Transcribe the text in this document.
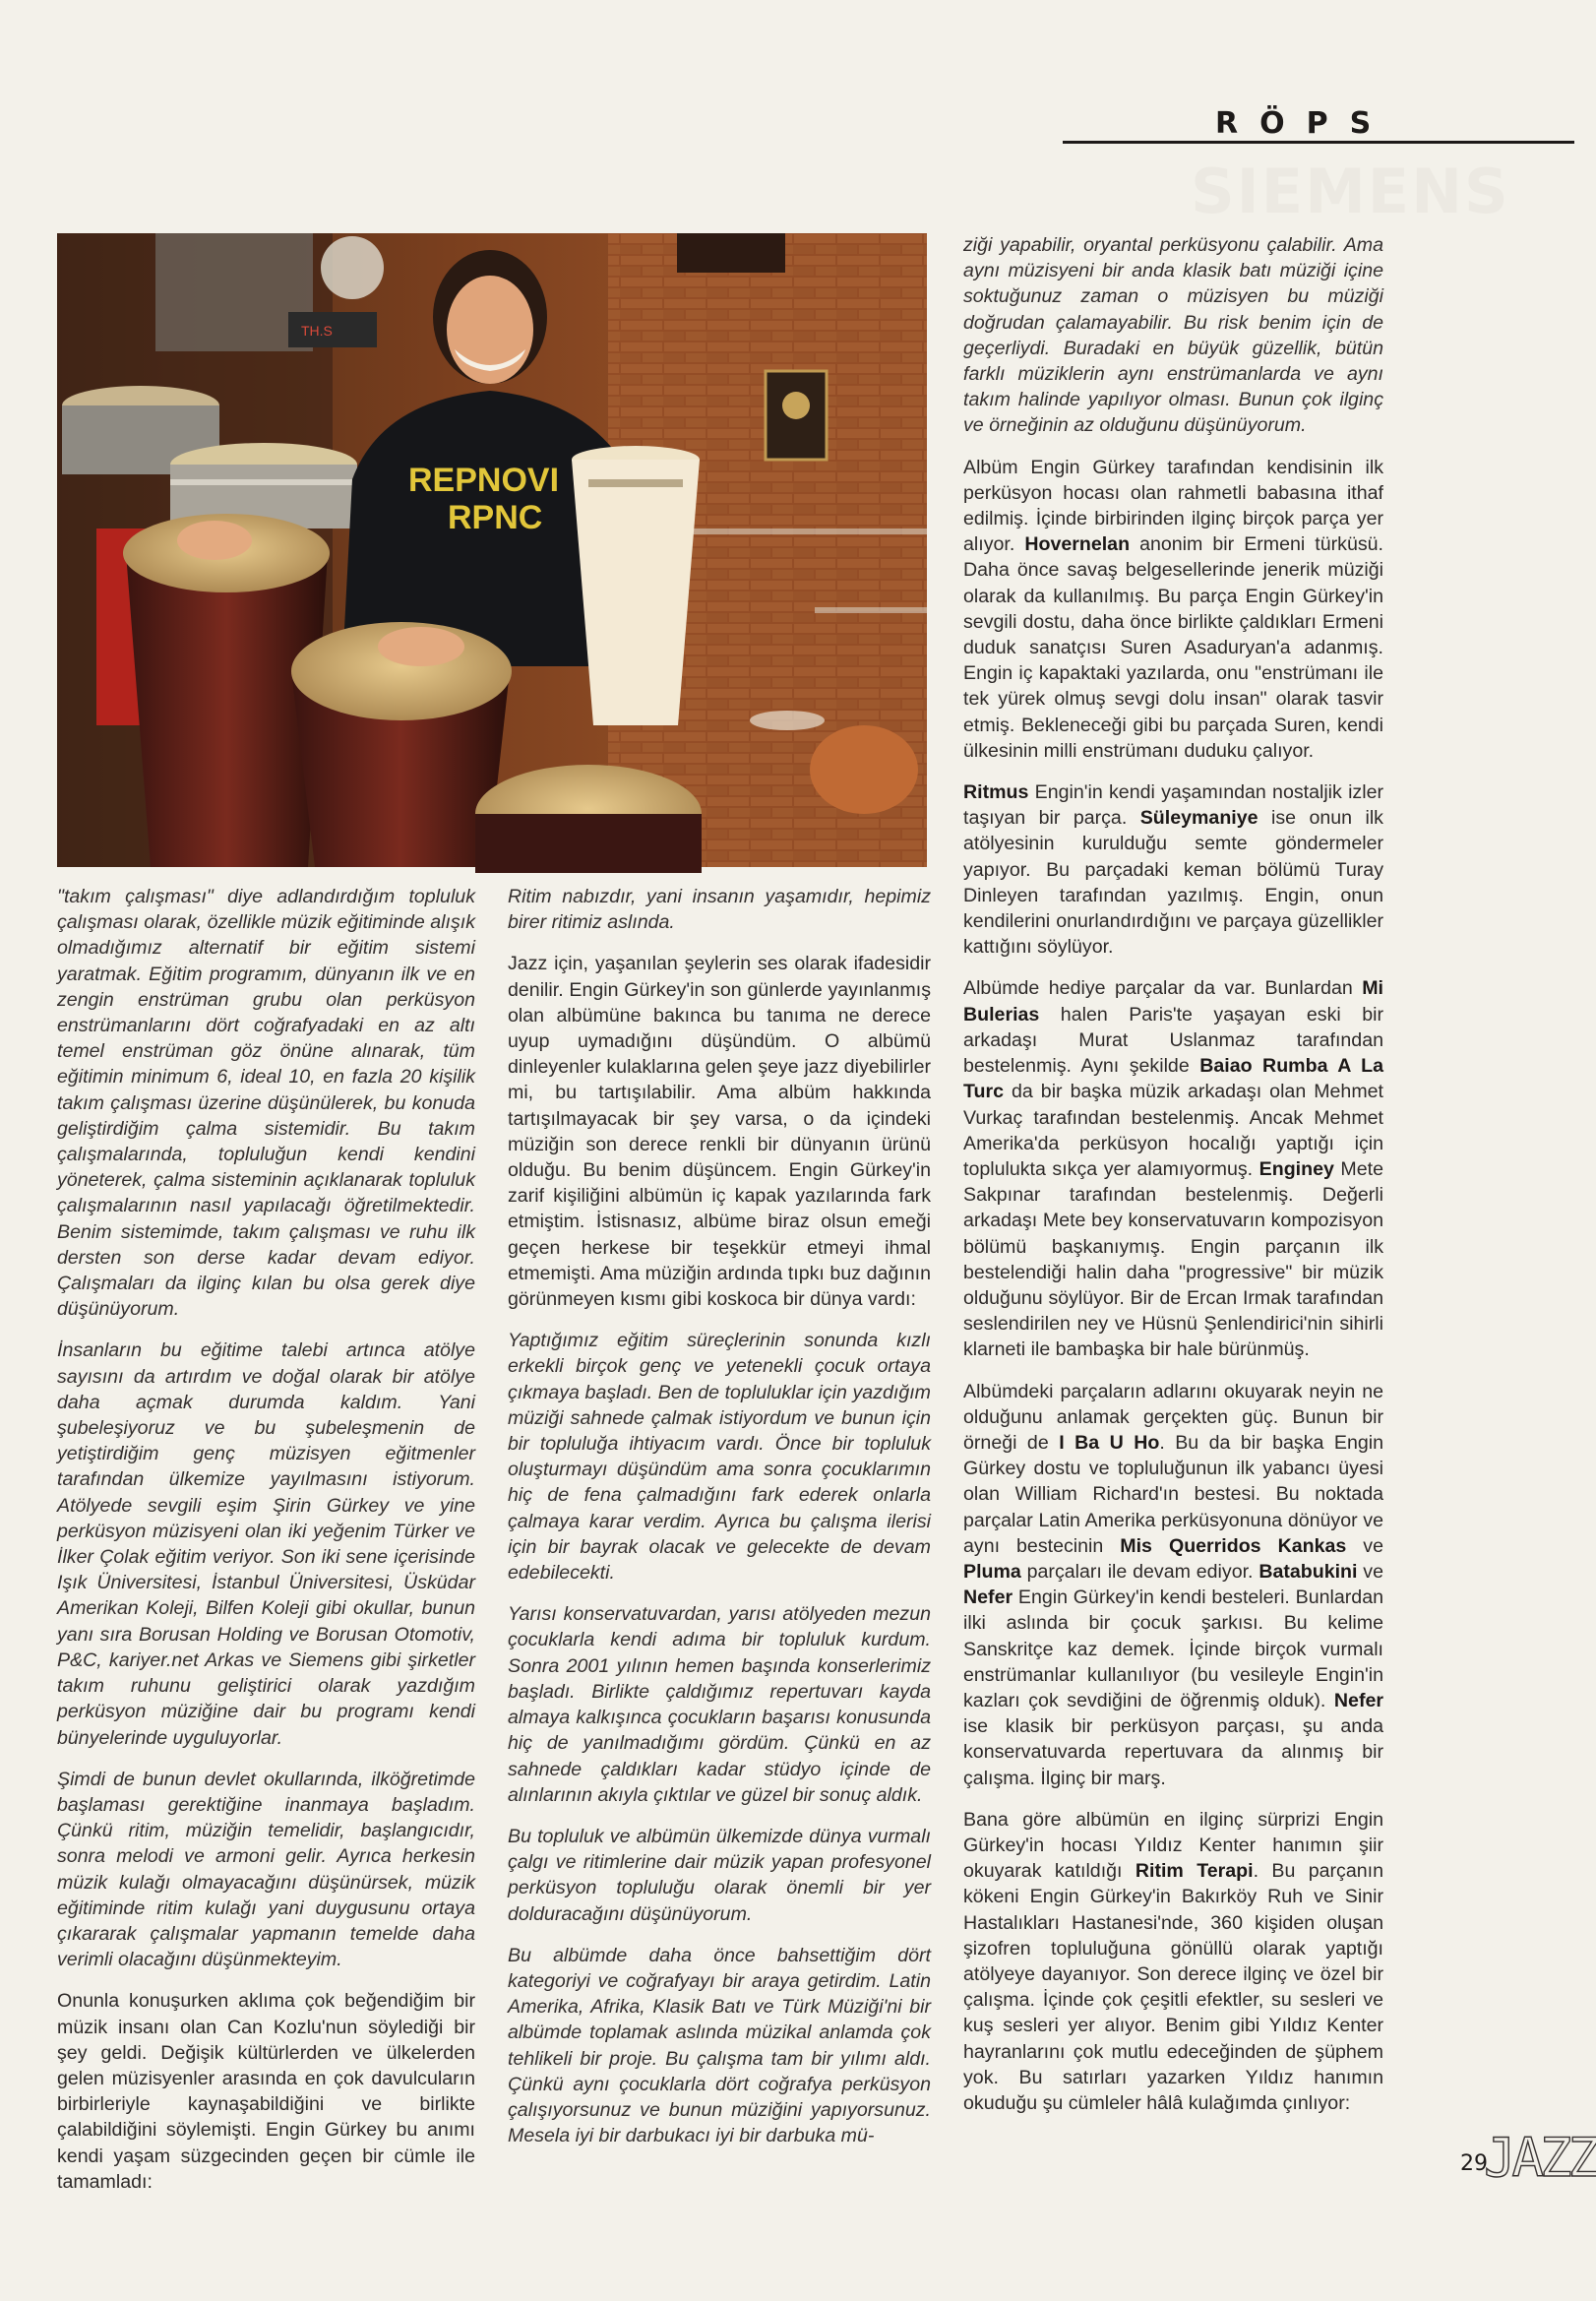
RÖPS
SIEMENS
TH.S
REPNOVI
RPNC

"takım çalışması" diye adlandırdığım topluluk çalışması olarak, özellikle müzik eğitiminde alışık olmadığımız alternatif bir eğitim sistemi yaratmak. Eğitim programım, dünyanın ilk ve en zengin enstrüman grubu olan perküsyon enstrümanlarını dört coğrafyadaki en az altı temel enstrüman göz önüne alınarak, tüm eğitimin minimum 6, ideal 10, en fazla 20 kişilik takım çalışması üzerine düşünülerek, bu konuda geliştirdiğim çalma sistemidir. Bu takım çalışmalarında, topluluğun kendi kendini yöneterek, çalma sisteminin açıklanarak topluluk çalışmalarının nasıl yapılacağı öğretilmektedir. Benim sistemimde, takım çalışması ve ruhu ilk dersten son derse kadar devam ediyor. Çalışmaları da ilginç kılan bu olsa gerek diye düşünüyorum.

İnsanların bu eğitime talebi artınca atölye sayısını da artırdım ve doğal olarak bir atölye daha açmak durumda kaldım. Yani şubeleşiyoruz ve bu şubeleşmenin de yetiştirdiğim genç müzisyen eğitmenler tarafından ülkemize yayılmasını istiyorum. Atölyede sevgili eşim Şirin Gürkey ve yine perküsyon müzisyeni olan iki yeğenim Türker ve İlker Çolak eğitim veriyor. Son iki sene içerisinde Işık Üniversitesi, İstanbul Üniversitesi, Üsküdar Amerikan Koleji, Bilfen Koleji gibi okullar, bunun yanı sıra Borusan Holding ve Borusan Otomotiv, P&C, kariyer.net Arkas ve Siemens gibi şirketler takım ruhunu geliştirici olarak yazdığım perküsyon müziğine dair bu programı kendi bünyelerinde uyguluyorlar.

Şimdi de bunun devlet okullarında, ilköğretimde başlaması gerektiğine inanmaya başladım. Çünkü ritim, müziğin temelidir, başlangıcıdır, sonra melodi ve armoni gelir. Ayrıca herkesin müzik kulağı olmayacağını düşünürsek, müzik eğitiminde ritim kulağı yani duygusunu ortaya çıkararak çalışmalar yapmanın temelde daha verimli olacağını düşünmekteyim.

Onunla konuşurken aklıma çok beğendiğim bir müzik insanı olan Can Kozlu'nun söylediği bir şey geldi. Değişik kültürlerden ve ülkelerden gelen müzisyenler arasında en çok davulcuların birbirleriyle kaynaşabildiğini ve birlikte çalabildiğini söylemişti. Engin Gürkey bu anımı kendi yaşam süzgecinden geçen bir cümle ile tamamladı:

Ritim nabızdır, yani insanın yaşamıdır, hepimiz birer ritimiz aslında.

Jazz için, yaşanılan şeylerin ses olarak ifadesidir denilir. Engin Gürkey'in son günlerde yayınlanmış olan albümüne bakınca bu tanıma ne derece uyup uymadığını düşündüm. O albümü dinleyenler kulaklarına gelen şeye jazz diyebilirler mi, bu tartışılabilir. Ama albüm hakkında tartışılmayacak bir şey varsa, o da içindeki müziğin son derece renkli bir dünyanın ürünü olduğu. Bu benim düşüncem. Engin Gürkey'in zarif kişiliğini albümün iç kapak yazılarında fark etmiştim. İstisnasız, albüme biraz olsun emeği geçen herkese bir teşekkür etmeyi ihmal etmemişti. Ama müziğin ardında tıpkı buz dağının görünmeyen kısmı gibi koskoca bir dünya vardı:

Yaptığımız eğitim süreçlerinin sonunda kızlı erkekli birçok genç ve yetenekli çocuk ortaya çıkmaya başladı. Ben de topluluklar için yazdığım müziği sahnede çalmak istiyordum ve bunun için bir topluluğa ihtiyacım vardı. Önce bir topluluk oluşturmayı düşündüm ama sonra çocuklarımın hiç de fena çalmadığını fark ederek onlarla çalmaya karar verdim. Ayrıca bu çalışma ilerisi için bir bayrak olacak ve gelecekte de devam edebilecekti.

Yarısı konservatuvardan, yarısı atölyeden mezun çocuklarla kendi adıma bir topluluk kurdum. Sonra 2001 yılının hemen başında konserlerimiz başladı. Birlikte çaldığımız repertuvarı kayda almaya kalkışınca çocukların başarısı konusunda hiç de yanılmadığımı gördüm. Çünkü en az sahnede çaldıkları kadar stüdyo içinde de alınlarının akıyla çıktılar ve güzel bir sonuç aldık.

Bu topluluk ve albümün ülkemizde dünya vurmalı çalgı ve ritimlerine dair müzik yapan profesyonel perküsyon topluluğu olarak önemli bir yer dolduracağını düşünüyorum.

Bu albümde daha önce bahsettiğim dört kategoriyi ve coğrafyayı bir araya getirdim. Latin Amerika, Afrika, Klasik Batı ve Türk Müziği'ni bir albümde toplamak aslında müzikal anlamda çok tehlikeli bir proje. Bu çalışma tam bir yılımı aldı. Çünkü aynı çocuklarla dört coğrafya perküsyon çalışıyorsunuz ve bunun müziğini yapıyorsunuz. Mesela iyi bir darbukacı iyi bir darbuka mü-

ziği yapabilir, oryantal perküsyonu çalabilir. Ama aynı müzisyeni bir anda klasik batı müziği içine soktuğunuz zaman o müzisyen bu müziği doğrudan çalamayabilir. Bu risk benim için de geçerliydi. Buradaki en büyük güzellik, bütün farklı müziklerin aynı enstrümanlarda ve aynı takım halinde yapılıyor olması. Bunun çok ilginç ve örneğinin az olduğunu düşünüyorum.

Albüm Engin Gürkey tarafından kendisinin ilk perküsyon hocası olan rahmetli babasına ithaf edilmiş. İçinde birbirinden ilginç birçok parça yer alıyor. Hovernelan anonim bir Ermeni türküsü. Daha önce savaş belgesellerinde jenerik müziği olarak da kullanılmış. Bu parça Engin Gürkey'in sevgili dostu, daha önce birlikte çaldıkları Ermeni duduk sanatçısı Suren Asaduryan'a adanmış. Engin iç kapaktaki yazılarda, onu "enstrümanı ile tek yürek olmuş sevgi dolu insan" olarak tasvir etmiş. Bekleneceği gibi bu parçada Suren, kendi ülkesinin milli enstrümanı duduku çalıyor.

Ritmus Engin'in kendi yaşamından nostaljik izler taşıyan bir parça. Süleymaniye ise onun ilk atölyesinin kurulduğu semte göndermeler yapıyor. Bu parçadaki keman bölümü Turay Dinleyen tarafından yazılmış. Engin, onun kendilerini onurlandırdığını ve parçaya güzellikler kattığını söylüyor.

Albümde hediye parçalar da var. Bunlardan Mi Bulerias halen Paris'te yaşayan eski bir arkadaşı Murat Uslanmaz tarafından bestelenmiş. Aynı şekilde Baiao Rumba A La Turc da bir başka müzik arkadaşı olan Mehmet Vurkaç tarafından bestelenmiş. Ancak Mehmet Amerika'da perküsyon hocalığı yaptığı için toplulukta sıkça yer alamıyormuş. Enginey Mete Sakpınar tarafından bestelenmiş. Değerli arkadaşı Mete bey konservatuvarın kompozisyon bölümü başkanıymış. Engin parçanın ilk bestelendiği halin daha "progressive" bir müzik olduğunu söylüyor. Bir de Ercan Irmak tarafından seslendirilen ney ve Hüsnü Şenlendirici'nin sihirli klarneti ile bambaşka bir hale bürünmüş.

Albümdeki parçaların adlarını okuyarak neyin ne olduğunu anlamak gerçekten güç. Bunun bir örneği de I Ba U Ho. Bu da bir başka Engin Gürkey dostu ve topluluğunun ilk yabancı üyesi olan William Richard'ın bestesi. Bu noktada parçalar Latin Amerika perküsyonuna dönüyor ve aynı bestecinin Mis Querridos Kankas ve Pluma parçaları ile devam ediyor. Batabukini ve Nefer Engin Gürkey'in kendi besteleri. Bunlardan ilki aslında bir çocuk şarkısı. Bu kelime Sanskritçe kaz demek. İçinde birçok vurmalı enstrümanlar kullanılıyor (bu vesileyle Engin'in kazları çok sevdiğini de öğrenmiş olduk). Nefer ise klasik bir perküsyon parçası, şu anda konservatuvarda repertuvara da alınmış bir çalışma. İlginç bir marş.

Bana göre albümün en ilginç sürprizi Engin Gürkey'in hocası Yıldız Kenter hanımın şiir okuyarak katıldığı Ritim Terapi. Bu parçanın kökeni Engin Gürkey'in Bakırköy Ruh ve Sinir Hastalıkları Hastanesi'nde, 360 kişiden oluşan şizofren topluluğuna gönüllü olarak yaptığı atölyeye dayanıyor. Son derece ilginç ve özel bir çalışma. İçinde çok çeşitli efektler, su sesleri ve kuş sesleri yer alıyor. Benim gibi Yıldız Kenter hayranlarını çok mutlu edeceğinden de şüphem yok. Bu satırları yazarken Yıldız hanımın okuduğu şu cümleler hâlâ kulağımda çınlıyor:

29
JAZZ
